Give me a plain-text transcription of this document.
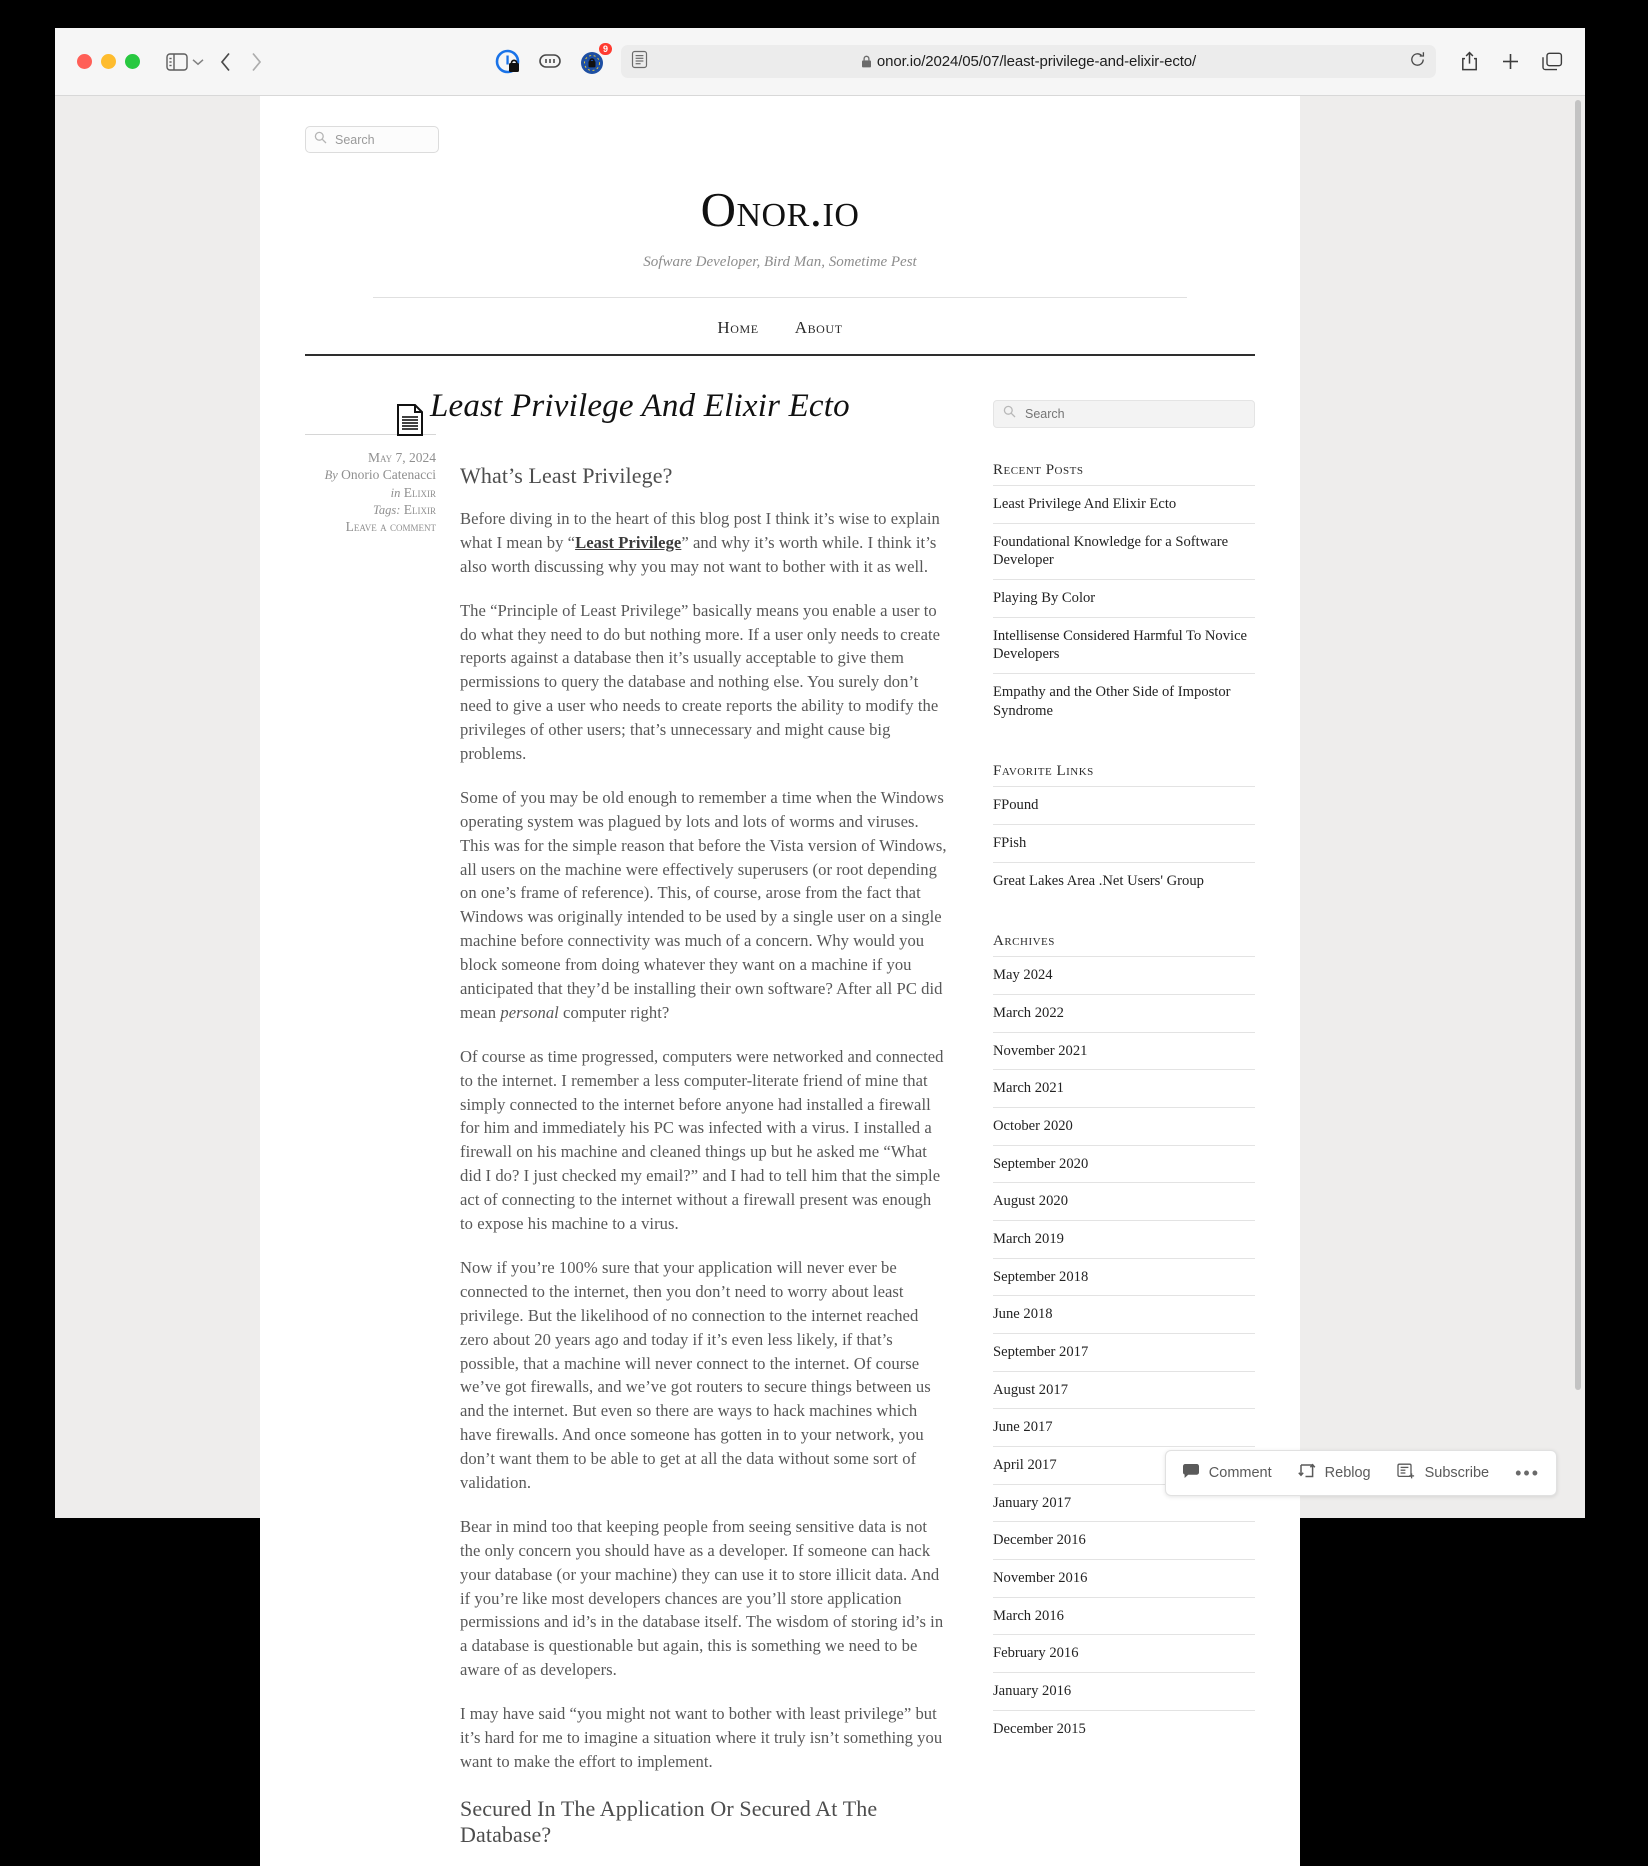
9
onor.io/2024/05/07/least-privilege-and-elixir-ecto/
Search
Onor.io
Sofware Developer, Bird Man, Sometime Pest
Home About
May 7, 2024
By Onorio Catenacci
in Elixir
Tags: Elixir
Leave a comment
Least Privilege And Elixir Ecto
What’s Least Privilege?

Before diving in to the heart of this blog post I think it’s wise to explain what I mean by “Least Privilege” and why it’s worth while. I think it’s also worth discussing why you may not want to bother with it as well.

The “Principle of Least Privilege” basically means you enable a user to do what they need to do but nothing more. If a user only needs to create reports against a database then it’s usually acceptable to give them permissions to query the database and nothing else. You surely don’t need to give a user who needs to create reports the ability to modify the privileges of other users; that’s unnecessary and might cause big problems.

Some of you may be old enough to remember a time when the Windows operating system was plagued by lots and lots of worms and viruses. This was for the simple reason that before the Vista version of Windows, all users on the machine were effectively superusers (or root depending on one’s frame of reference). This, of course, arose from the fact that Windows was originally intended to be used by a single user on a single machine before connectivity was much of a concern. Why would you block someone from doing whatever they want on a machine if you anticipated that they’d be installing their own software? After all PC did mean personal computer right?

Of course as time progressed, computers were networked and connected to the internet. I remember a less computer-literate friend of mine that simply connected to the internet before anyone had installed a firewall for him and immediately his PC was infected with a virus. I installed a firewall on his machine and cleaned things up but he asked me “What did I do? I just checked my email?” and I had to tell him that the simple act of connecting to the internet without a firewall present was enough to expose his machine to a virus.

Now if you’re 100% sure that your application will never ever be connected to the internet, then you don’t need to worry about least privilege. But the likelihood of no connection to the internet reached zero about 20 years ago and today if it’s even less likely, if that’s possible, that a machine will never connect to the internet. Of course we’ve got firewalls, and we’ve got routers to secure things between us and the internet. But even so there are ways to hack machines which have firewalls. And once someone has gotten in to your network, you don’t want them to be able to get at all the data without some sort of validation.

Bear in mind too that keeping people from seeing sensitive data is not the only concern you should have as a developer. If someone can hack your database (or your machine) they can use it to store illicit data. And if you’re like most developers chances are you’ll store application permissions and id’s in the database itself. The wisdom of storing id’s in a database is questionable but again, this is something we need to be aware of as developers.

I may have said “you might not want to bother with least privilege” but it’s hard for me to imagine a situation where it truly isn’t something you want to make the effort to implement.

Secured In The Application Or Secured At The Database?
Search
Recent Posts
Least Privilege And Elixir Ecto
Foundational Knowledge for a Software Developer
Playing By Color
Intellisense Considered Harmful To Novice Developers
Empathy and the Other Side of Impostor Syndrome
Favorite Links
FPound
FPish
Great Lakes Area .Net Users' Group
Archives
May 2024
March 2022
November 2021
March 2021
October 2020
September 2020
August 2020
March 2019
September 2018
June 2018
September 2017
August 2017
June 2017
April 2017
January 2017
December 2016
November 2016
March 2016
February 2016
January 2016
December 2015
Comment	Reblog	Subscribe •••
